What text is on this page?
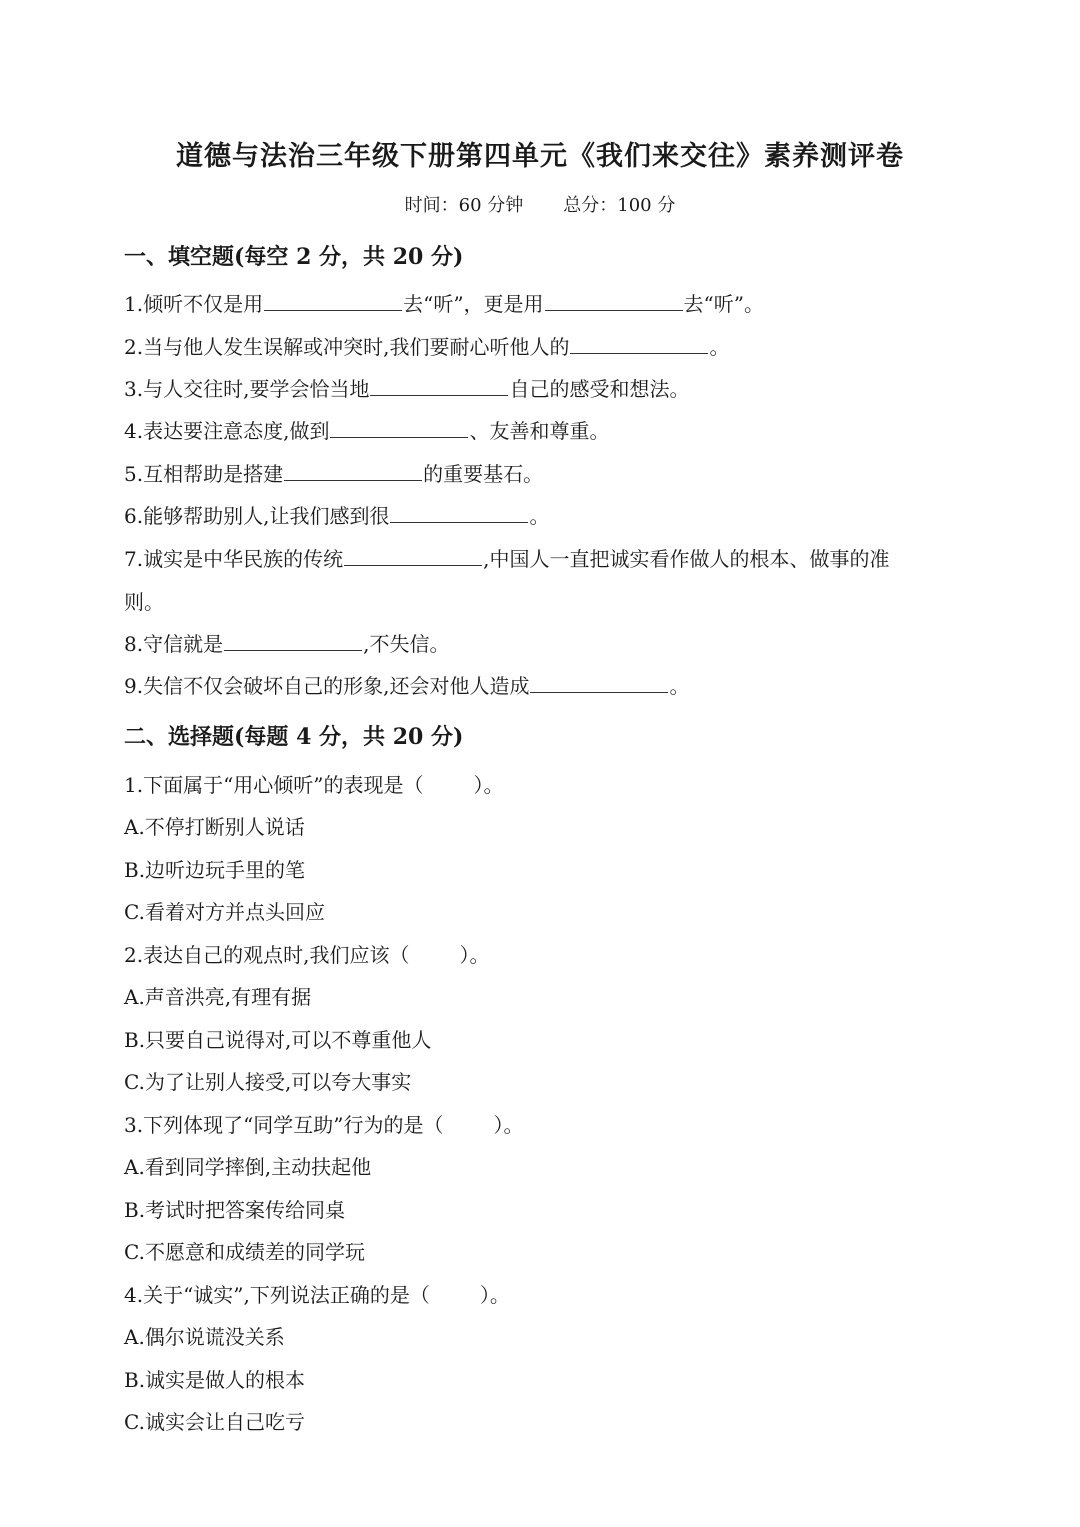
道德与法治三年级下册第四单元《我们来交往》素养测评卷
时间：60 分钟 总分：100 分
一、填空题(每空 2 分，共 20 分)
1.倾听不仅是用	去“听”，更是用	去“听”。
2.当与他人发生误解或冲突时,我们要耐心听他人的	。
3.与人交往时,要学会恰当地	自己的感受和想法。
4.表达要注意态度,做到	、友善和尊重。
5.互相帮助是搭建	的重要基石。
6.能够帮助别人,让我们感到很	。
7.诚实是中华民族的传统	,中国人一直把诚实看作做人的根本、做事的准
则。
8.守信就是	,不失信。
9.失信不仅会破坏自己的形象,还会对他人造成	。
二、选择题(每题 4 分，共 20 分)
1.下面属于“用心倾听”的表现是（	）。
A.不停打断别人说话
B.边听边玩手里的笔
C.看着对方并点头回应
2.表达自己的观点时,我们应该（	）。
A.声音洪亮,有理有据
B.只要自己说得对,可以不尊重他人
C.为了让别人接受,可以夸大事实
3.下列体现了“同学互助”行为的是（	）。
A.看到同学摔倒,主动扶起他
B.考试时把答案传给同桌
C.不愿意和成绩差的同学玩
4.关于“诚实”,下列说法正确的是（	）。
A.偶尔说谎没关系
B.诚实是做人的根本
C.诚实会让自己吃亏
